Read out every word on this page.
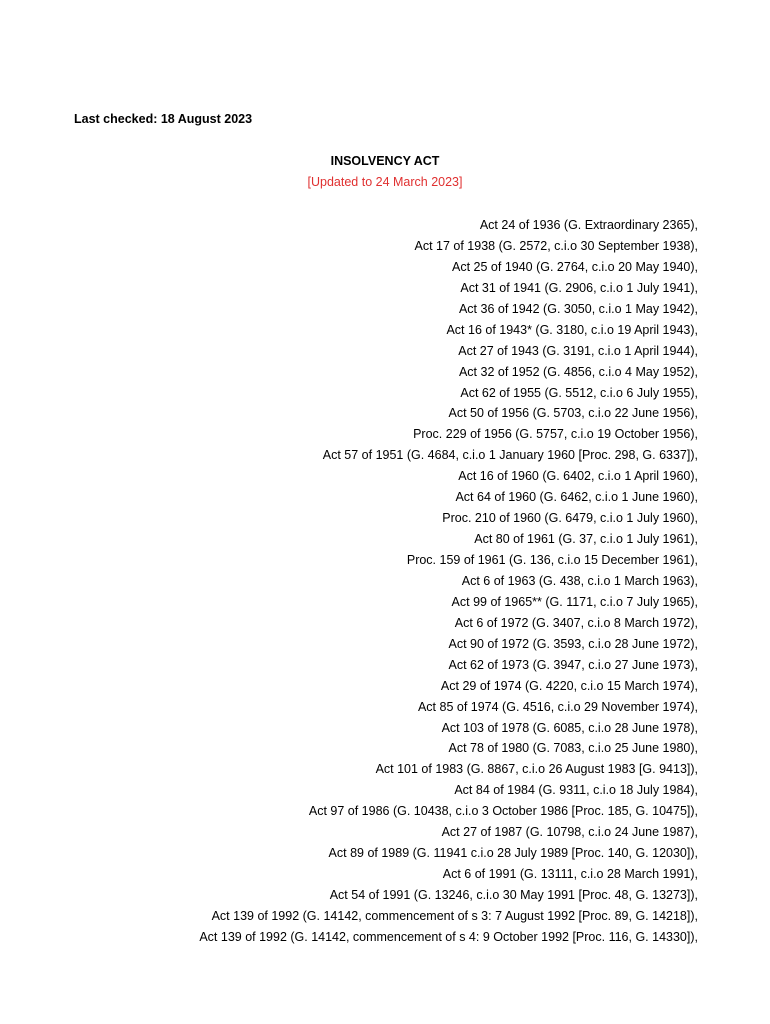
Last checked: 18 August 2023
INSOLVENCY ACT
[Updated to 24 March 2023]
Act 24 of 1936 (G. Extraordinary 2365),
Act 17 of 1938 (G. 2572, c.i.o 30 September 1938),
Act 25 of 1940 (G. 2764, c.i.o 20 May 1940),
Act 31 of 1941 (G. 2906, c.i.o 1 July 1941),
Act 36 of 1942 (G. 3050, c.i.o 1 May 1942),
Act 16 of 1943* (G. 3180, c.i.o 19 April 1943),
Act 27 of 1943 (G. 3191, c.i.o 1 April 1944),
Act 32 of 1952 (G. 4856, c.i.o 4 May 1952),
Act 62 of 1955 (G. 5512, c.i.o 6 July 1955),
Act 50 of 1956 (G. 5703, c.i.o 22 June 1956),
Proc. 229 of 1956 (G. 5757, c.i.o 19 October 1956),
Act 57 of 1951 (G. 4684, c.i.o 1 January 1960 [Proc. 298, G. 6337]),
Act 16 of 1960 (G. 6402, c.i.o 1 April 1960),
Act 64 of 1960 (G. 6462, c.i.o 1 June 1960),
Proc. 210 of 1960 (G. 6479, c.i.o 1 July 1960),
Act 80 of 1961 (G. 37, c.i.o 1 July 1961),
Proc. 159 of 1961 (G. 136, c.i.o 15 December 1961),
Act 6 of 1963 (G. 438, c.i.o 1 March 1963),
Act 99 of 1965** (G. 1171, c.i.o 7 July 1965),
Act 6 of 1972 (G. 3407, c.i.o 8 March 1972),
Act 90 of 1972 (G. 3593, c.i.o 28 June 1972),
Act 62 of 1973 (G. 3947, c.i.o 27 June 1973),
Act 29 of 1974 (G. 4220, c.i.o 15 March 1974),
Act 85 of 1974 (G. 4516, c.i.o 29 November 1974),
Act 103 of 1978 (G. 6085, c.i.o 28 June 1978),
Act 78 of 1980 (G. 7083, c.i.o 25 June 1980),
Act 101 of 1983 (G. 8867, c.i.o 26 August 1983 [G. 9413]),
Act 84 of 1984 (G. 9311, c.i.o 18 July 1984),
Act 97 of 1986 (G. 10438, c.i.o 3 October 1986 [Proc. 185, G. 10475]),
Act 27 of 1987 (G. 10798, c.i.o 24 June 1987),
Act 89 of 1989 (G. 11941 c.i.o 28 July 1989 [Proc. 140, G. 12030]),
Act 6 of 1991 (G. 13111, c.i.o 28 March 1991),
Act 54 of 1991 (G. 13246, c.i.o 30 May 1991 [Proc. 48, G. 13273]),
Act 139 of 1992 (G. 14142, commencement of s 3: 7 August 1992 [Proc. 89, G. 14218]),
Act 139 of 1992 (G. 14142, commencement of s 4: 9 October 1992 [Proc. 116, G. 14330]),
